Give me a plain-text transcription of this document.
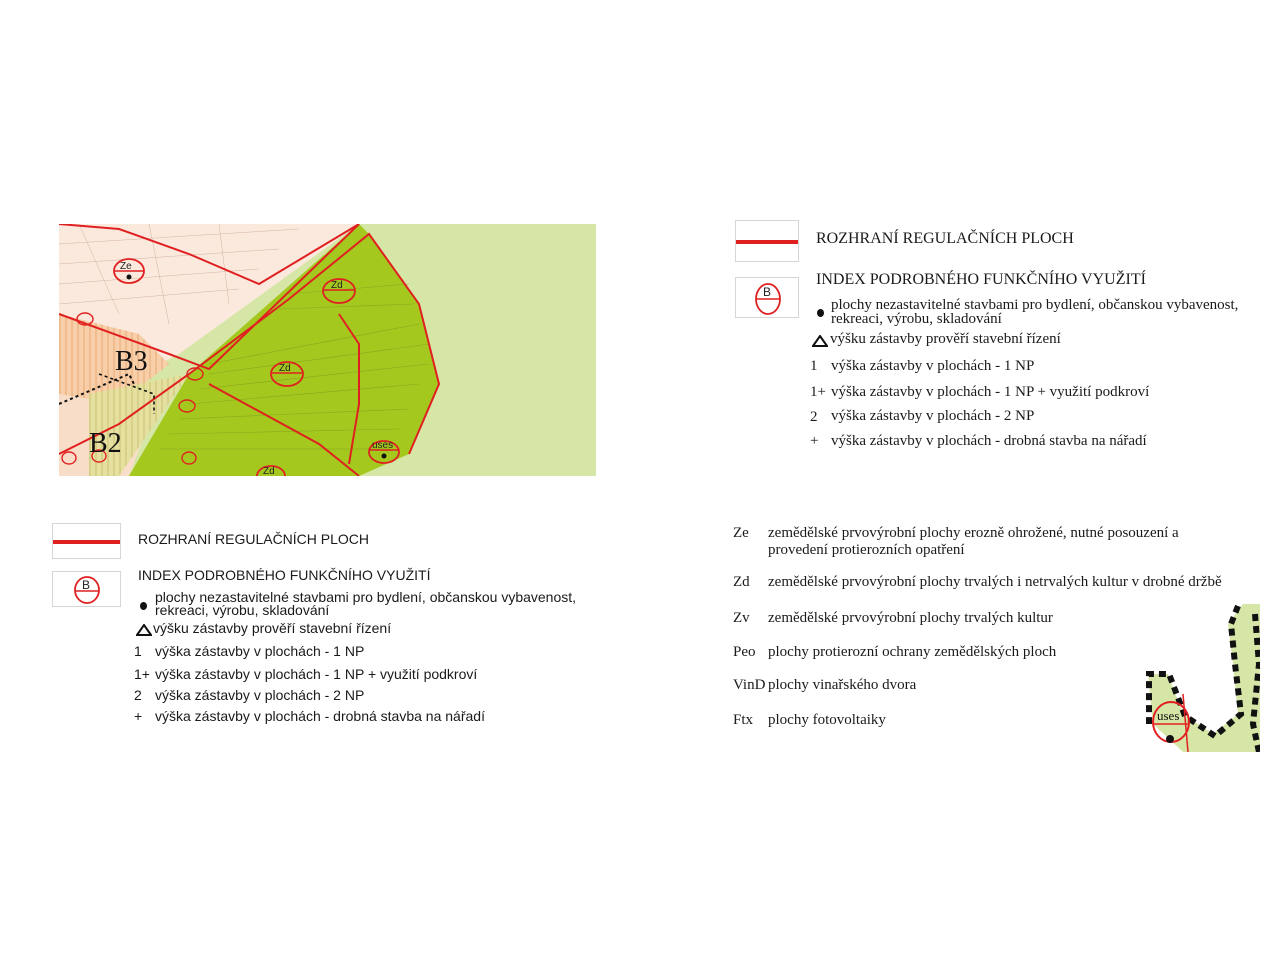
Ze
Zd
Zd
uses
Zd
B3
B2
ROZHRANÍ REGULAČNÍCH PLOCH
B
INDEX PODROBNÉHO FUNKČNÍHO VYUŽITÍ
plochy nezastavitelné stavbami pro bydlení, občanskou vybavenost,
rekreaci, výrobu, skladování
výšku zástavby prověří stavební řízení
1 výška zástavby v plochách - 1 NP
1+ výška zástavby v plochách - 1 NP + využití podkroví
2 výška zástavby v plochách - 2 NP
+ výška zástavby v plochách - drobná stavba na nářadí
ROZHRANÍ REGULAČNÍCH PLOCH
B
INDEX PODROBNÉHO FUNKČNÍHO VYUŽITÍ
plochy nezastavitelné stavbami pro bydlení, občanskou vybavenost,
rekreaci, výrobu, skladování
výšku zástavby prověří stavební řízení
1 výška zástavby v plochách - 1 NP
1+ výška zástavby v plochách - 1 NP + využití podkroví
2 výška zástavby v plochách - 2 NP
+ výška zástavby v plochách - drobná stavba na nářadí
Ze	zemědělské prvovýrobní plochy erozně ohrožené, nutné posouzení a provedení protierozních opatření
Zd	zemědělské prvovýrobní plochy trvalých i netrvalých kultur v drobné držbě
Zv	zemědělské prvovýrobní plochy trvalých kultur
Peo plochy protierozní ochrany zemědělských ploch
VinD plochy vinařského dvora
Ftx plochy fotovoltaiky	uses
